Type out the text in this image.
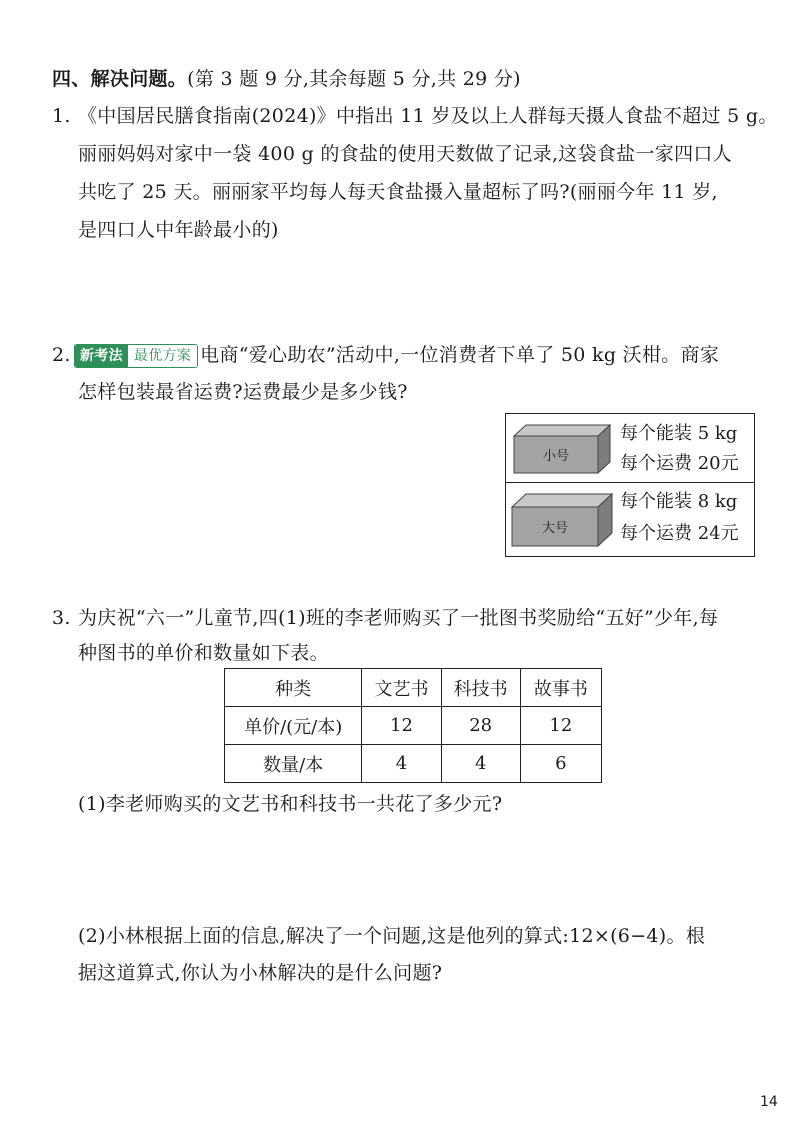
四、解决问题。(第 3 题 9 分,其余每题 5 分,共 29 分)
1. 《中国居民膳食指南(2024)》中指出 11 岁及以上人群每天摄人食盐不超过 5 g。
丽丽妈妈对家中一袋 400 g 的食盐的使用天数做了记录,这袋食盐一家四口人
共吃了 25 天。丽丽家平均每人每天食盐摄入量超标了吗?(丽丽今年 11 岁,
是四口人中年龄最小的)
2. 新考法 最优方案 电商“爱心助农”活动中,一位消费者下单了 50 kg 沃柑。商家
怎样包装最省运费?运费最少是多少钱?
小号
每个能装 5 kg
每个运费 20元
大号
每个能装 8 kg
每个运费 24元
3. 为庆祝“六一”儿童节,四(1)班的李老师购买了一批图书奖励给“五好”少年,每
种图书的单价和数量如下表。
种类	文艺书	科技书	故事书
单价/(元/本)	12	28	12
数量/本	4	4	6
(1)李老师购买的文艺书和科技书一共花了多少元?
(2)小林根据上面的信息,解决了一个问题,这是他列的算式:12×(6−4)。根
据这道算式,你认为小林解决的是什么问题?
14
